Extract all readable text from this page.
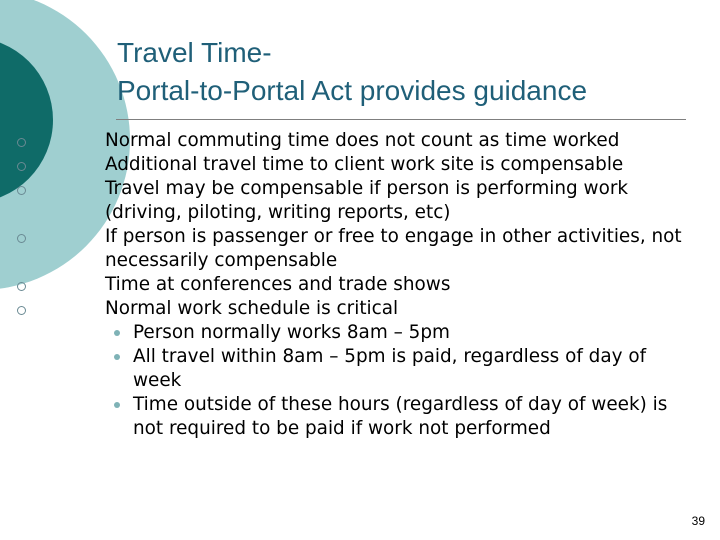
Travel Time-
Portal-to-Portal Act provides guidance
Normal commuting time does not count as time worked
Additional travel time to client work site is compensable
Travel may be compensable if person is performing work (driving, piloting, writing reports, etc)
If person is passenger or free to engage in other activities, not necessarily compensable
Time at conferences and trade shows
Normal work schedule is critical
Person normally works 8am – 5pm
All travel within 8am – 5pm is paid, regardless of day of week
Time outside of these hours (regardless of day of week) is not required to be paid if work not performed
39
